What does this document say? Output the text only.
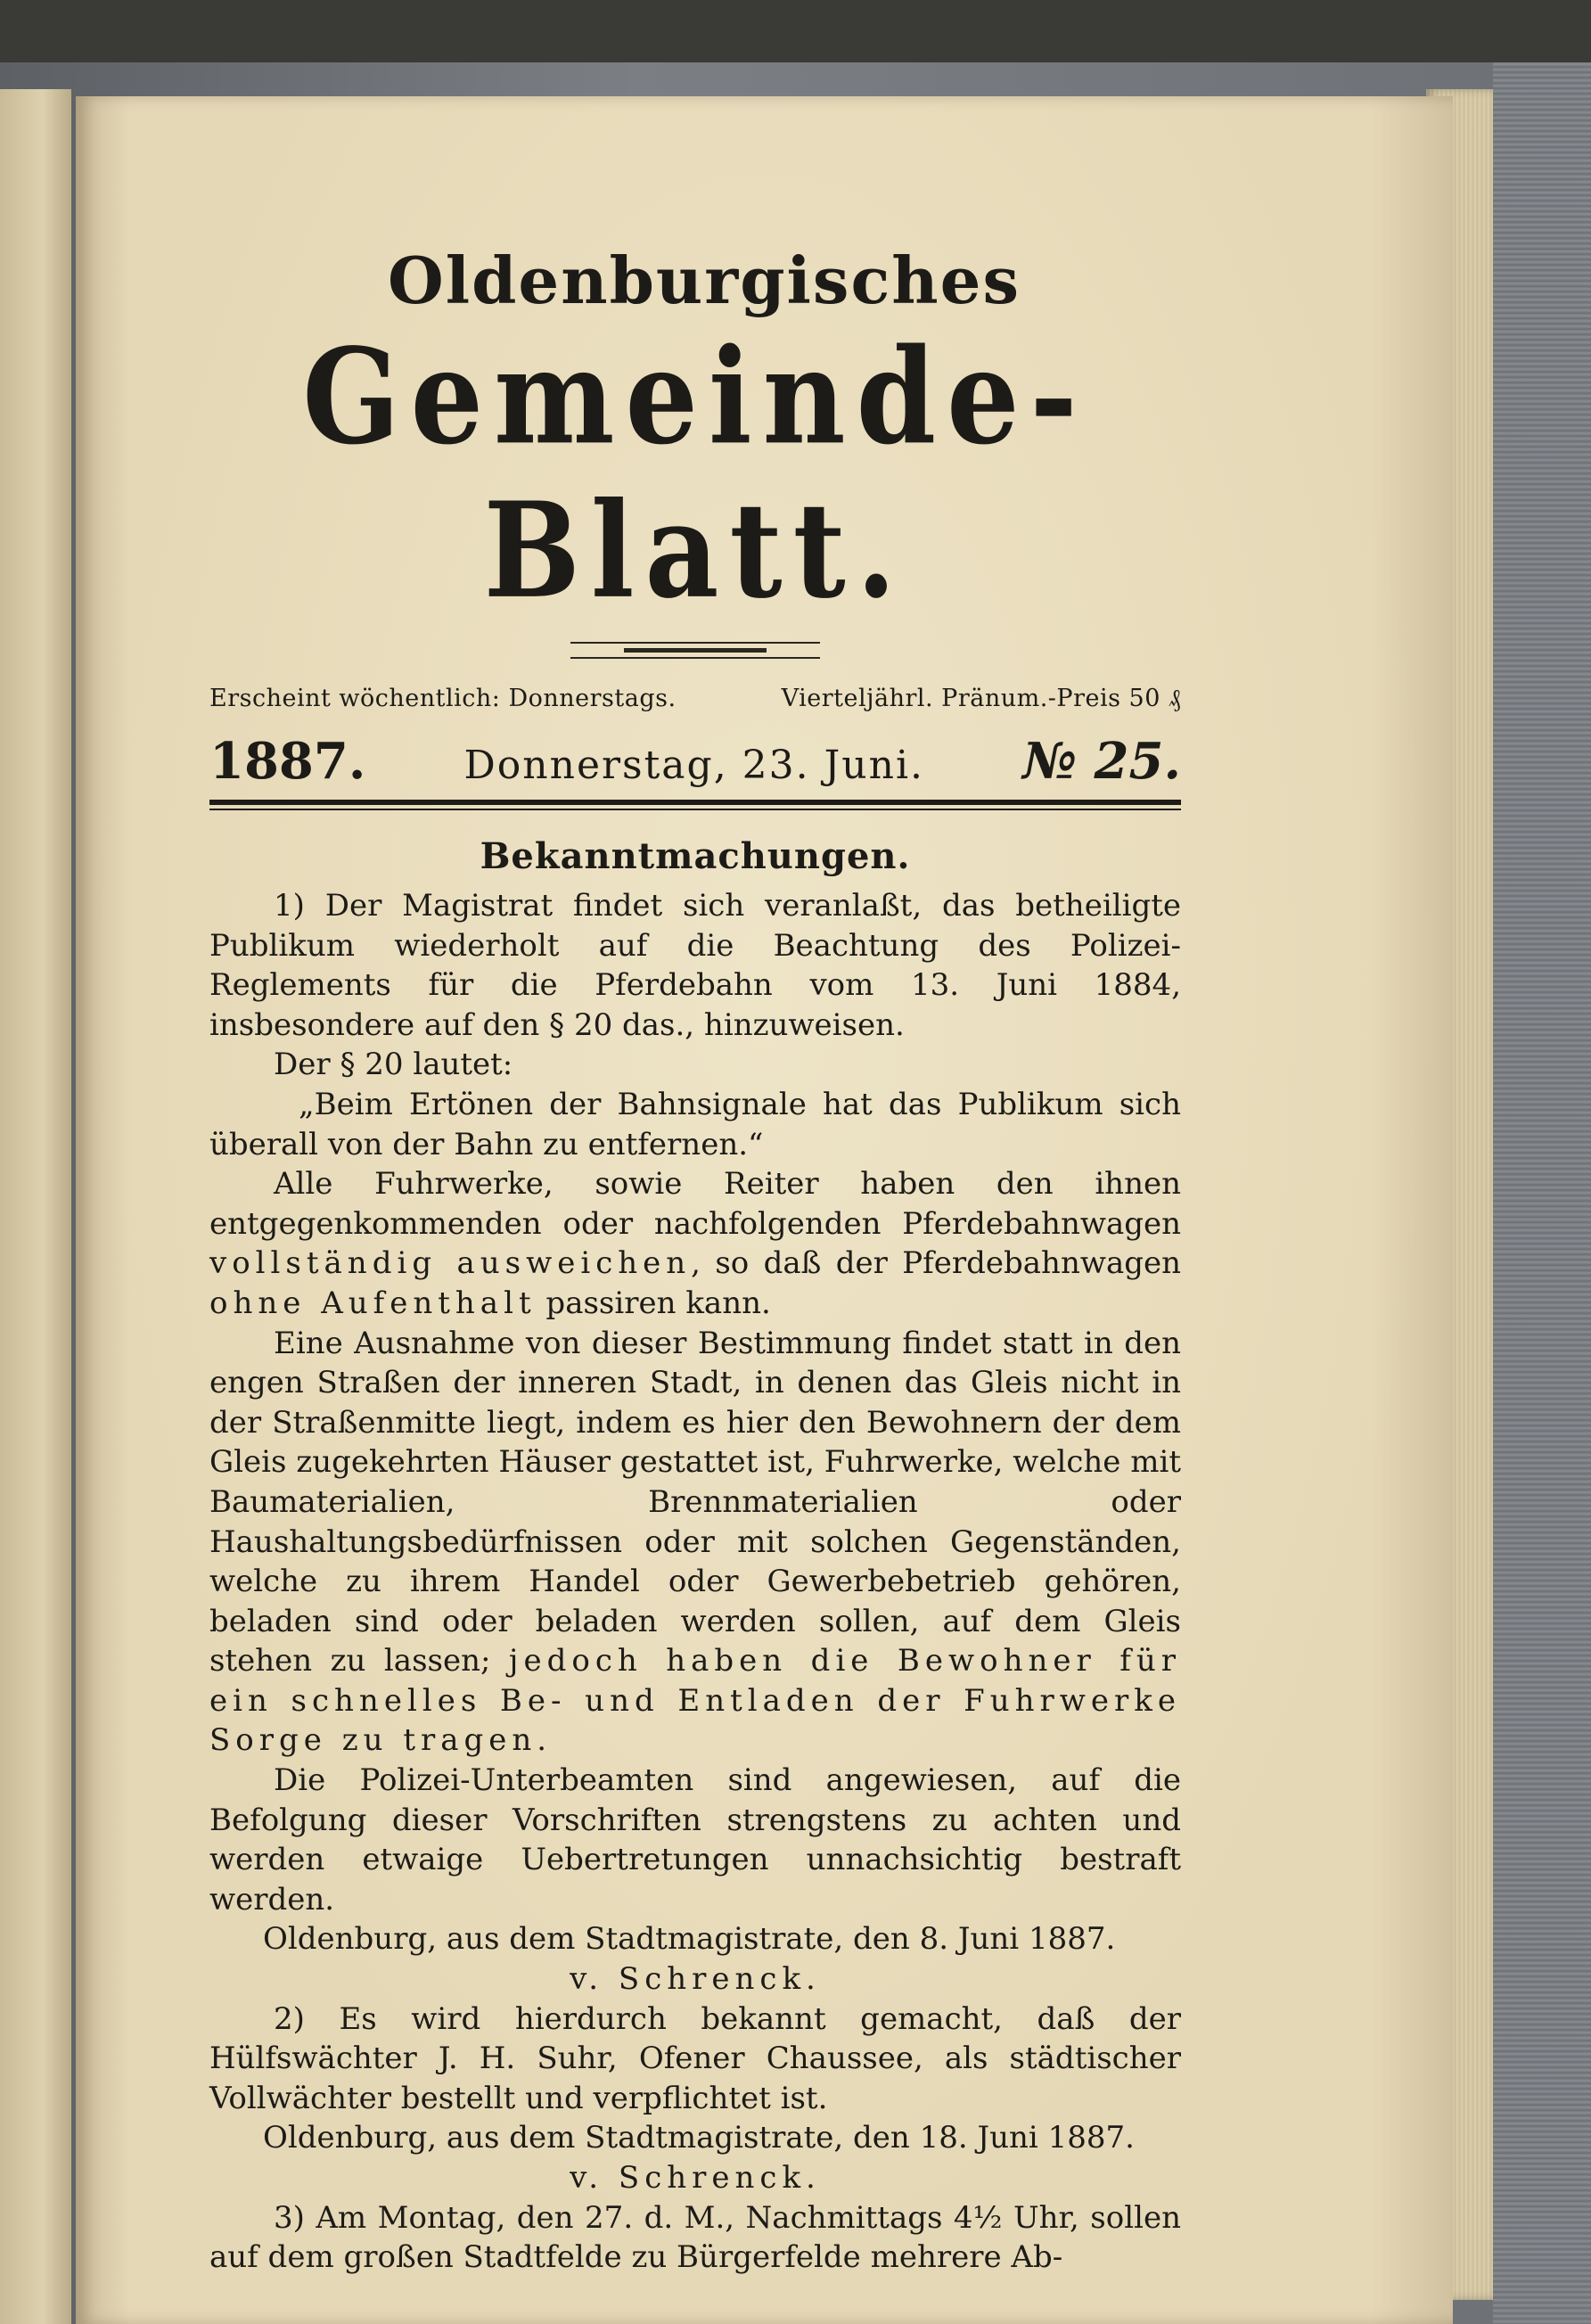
Oldenburgisches
Gemeinde-Blatt.
Erscheint wöchentlich: Donnerstags.	Vierteljährl. Pränum.-Preis 50 ₰
1887.	Donnerstag, 23. Juni. № 25.
Bekanntmachungen.

1) Der Magistrat findet sich veranlaßt, das betheiligte Publikum wiederholt auf die Beachtung des Polizei-Reglements für die Pferdebahn vom 13. Juni 1884, insbesondere auf den § 20 das., hinzuweisen.

Der § 20 lautet:

„Beim Ertönen der Bahnsignale hat das Publikum sich überall von der Bahn zu entfernen.“

Alle Fuhrwerke, sowie Reiter haben den ihnen entgegenkommenden oder nachfolgenden Pferdebahnwagen vollständig ausweichen, so daß der Pferdebahnwagen ohne Aufenthalt passiren kann.

Eine Ausnahme von dieser Bestimmung findet statt in den engen Straßen der inneren Stadt, in denen das Gleis nicht in der Straßenmitte liegt, indem es hier den Bewohnern der dem Gleis zugekehrten Häuser gestattet ist, Fuhrwerke, welche mit Baumaterialien, Brennmaterialien oder Haushaltungsbedürfnissen oder mit solchen Gegenständen, welche zu ihrem Handel oder Gewerbebetrieb gehören, beladen sind oder beladen werden sollen, auf dem Gleis stehen zu lassen; jedoch haben die Bewohner für ein schnelles Be- und Entladen der Fuhrwerke Sorge zu tragen.

Die Polizei-Unterbeamten sind angewiesen, auf die Befolgung dieser Vorschriften strengstens zu achten und werden etwaige Uebertretungen unnachsichtig bestraft werden.

Oldenburg, aus dem Stadtmagistrate, den 8. Juni 1887.

v. Schrenck.

2) Es wird hierdurch bekannt gemacht, daß der Hülfswächter J. H. Suhr, Ofener Chaussee, als städtischer Vollwächter bestellt und verpflichtet ist.

Oldenburg, aus dem Stadtmagistrate, den 18. Juni 1887.

v. Schrenck.

3) Am Montag, den 27. d. M., Nachmittags 4½ Uhr, sollen auf dem großen Stadtfelde zu Bürgerfelde mehrere Ab-
